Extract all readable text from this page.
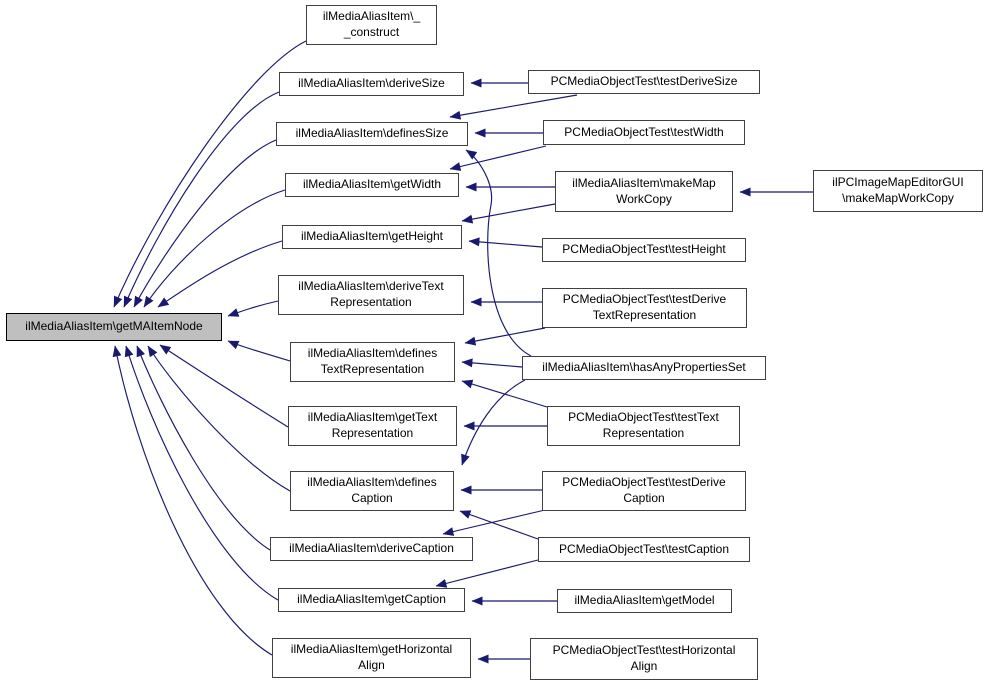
ilMediaAliasItem\getMAItemNode
ilMediaAliasItem\_
_construct
ilMediaAliasItem\deriveSize
ilMediaAliasItem\definesSize
ilMediaAliasItem\getWidth
ilMediaAliasItem\getHeight
ilMediaAliasItem\deriveText
Representation
ilMediaAliasItem\defines
TextRepresentation
ilMediaAliasItem\getText
Representation
ilMediaAliasItem\defines
Caption
ilMediaAliasItem\deriveCaption
ilMediaAliasItem\getCaption
ilMediaAliasItem\getHorizontal
Align
PCMediaObjectTest\testDeriveSize
PCMediaObjectTest\testWidth
ilMediaAliasItem\makeMap
WorkCopy
PCMediaObjectTest\testHeight
PCMediaObjectTest\testDerive
TextRepresentation
ilMediaAliasItem\hasAnyPropertiesSet
PCMediaObjectTest\testText
Representation
PCMediaObjectTest\testDerive
Caption
PCMediaObjectTest\testCaption
ilMediaAliasItem\getModel
PCMediaObjectTest\testHorizontal
Align
ilPCImageMapEditorGUI
\makeMapWorkCopy
